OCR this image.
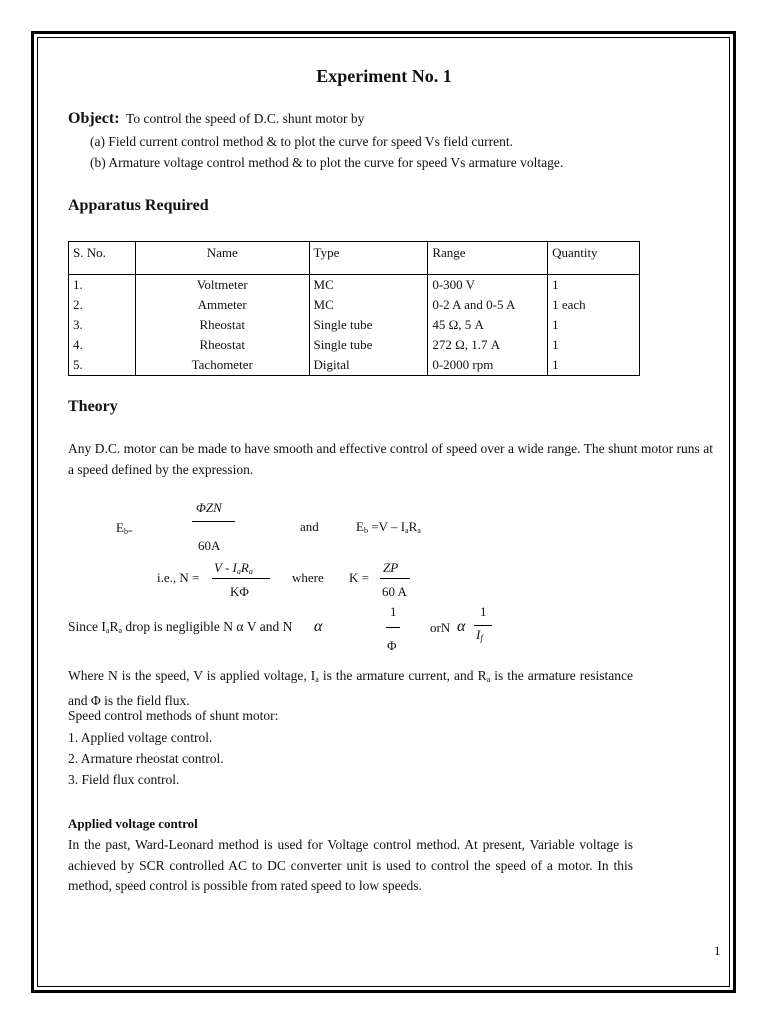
Experiment No. 1
Object: To control the speed of D.C. shunt motor by
(a) Field current control method & to plot the curve for speed Vs field current.
(b) Armature voltage control method & to plot the curve for speed Vs armature voltage.
Apparatus Required
S. No.	Name	Type	Range	Quantity
1.	Voltmeter	MC	0-300 V	1
2.	Ammeter	MC	0-2 A and 0-5 A	1 each
3.	Rheostat	Single tube	45 Ω, 5 A	1
4.	Rheostat	Single tube	272 Ω, 1.7 A	1
5.	Tachometer	Digital	0-2000 rpm	1
Theory
Any D.C. motor can be made to have smooth and effective control of speed over a wide range. The shunt motor runs at a speed defined by the expression.
$E_{b=}$
ΦZN
60A
and	$E_b =V - I_aR_a$
i.e., N =
V - $I_aR_a$
KΦ
where K =
ZP
60 A
Since $I_aR_a$ drop is negligible N α V and N α
1
Φ
orN α
1
If
Where N is the speed, V is applied voltage, $I_a$ is the armature current, and $R_a$ is the armature resistance and Φ is the field flux.
Speed control methods of shunt motor:
1. Applied voltage control.
2. Armature rheostat control.
3. Field flux control.
Applied voltage control
In the past, Ward-Leonard method is used for Voltage control method. At present, Variable voltage is achieved by SCR controlled AC to DC converter unit is used to control the speed of a motor. In this method, speed control is possible from rated speed to low speeds.
1
